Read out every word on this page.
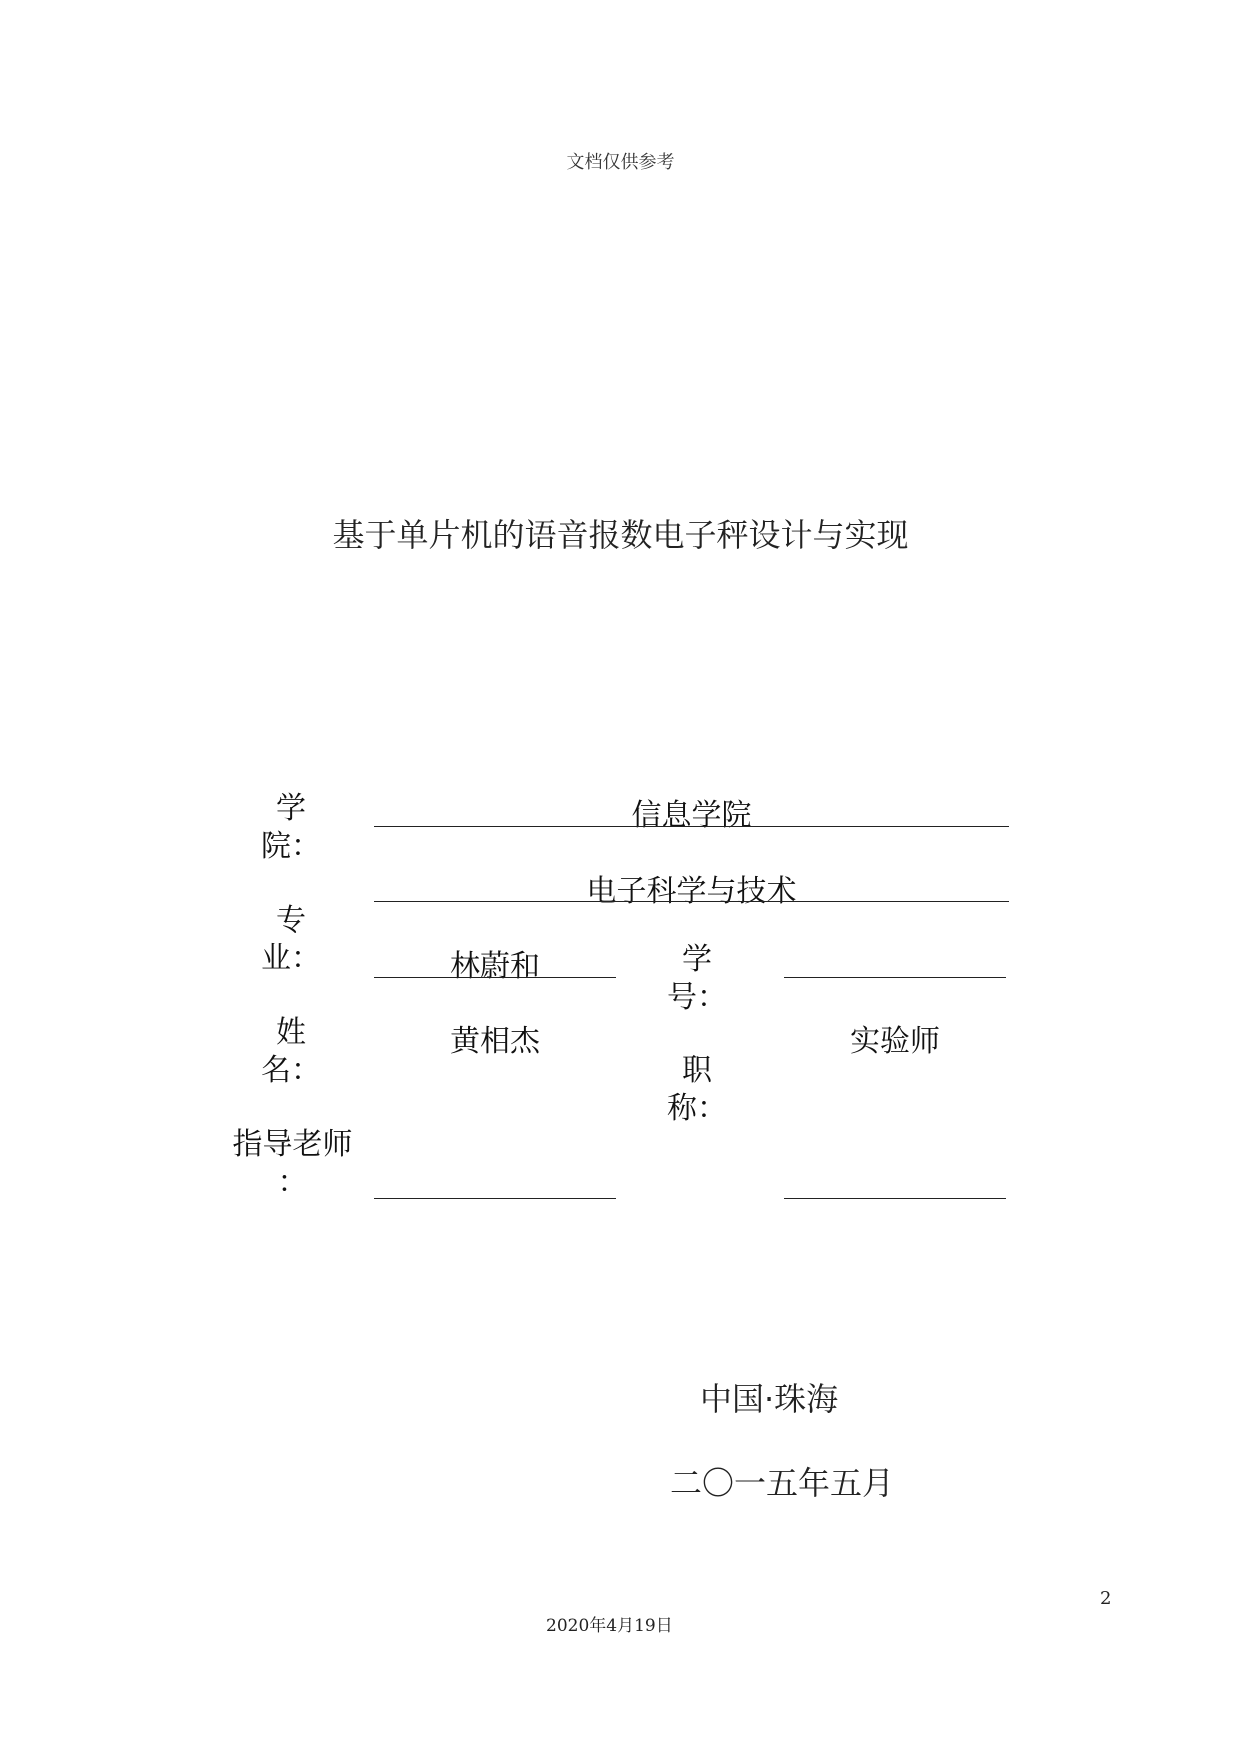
文档仅供参考
基于单片机的语音报数电子秤设计与实现
学
院：
信息学院
电子科学与技术
专
业：	林蔚和
姓
名：
学
号：
黄相杰
指导老师
：
实验师
职
称：
中国·珠海
二〇一五年五月
2
2020年4月19日
